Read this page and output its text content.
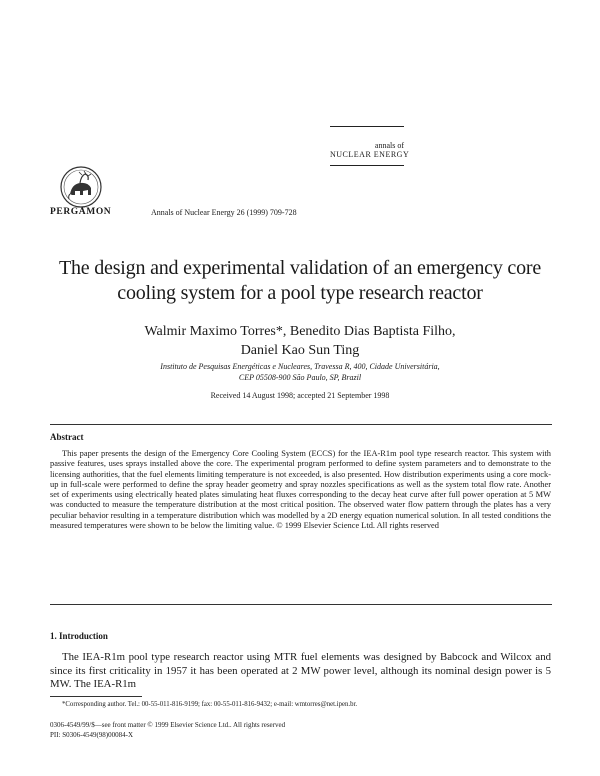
annals of
NUCLEAR ENERGY
PERGAMON	Annals of Nuclear Energy 26 (1999) 709-728
The design and experimental validation of an emergency core cooling system for a pool type research reactor
Walmir Maximo Torres*, Benedito Dias Baptista Filho,
Daniel Kao Sun Ting
Instituto de Pesquisas Energéticas e Nucleares, Travessa R, 400, Cidade Universitária,
CEP 05508-900 São Paulo, SP, Brazil
Received 14 August 1998; accepted 21 September 1998
Abstract
This paper presents the design of the Emergency Core Cooling System (ECCS) for the IEA-R1m pool type research reactor. This system with passive features, uses sprays installed above the core. The experimental program performed to define system parameters and to demonstrate to the licensing authorities, that the fuel elements limiting temperature is not exceeded, is also presented. How distribution experiments using a core mock-up in full-scale were performed to define the spray header geometry and spray nozzles specifications as well as the system total flow rate. Another set of experiments using electrically heated plates simulating heat fluxes corresponding to the decay heat curve after full power operation at 5 MW was conducted to measure the temperature distribution at the most critical position. The observed water flow pattern through the plates has a very peculiar behavior resulting in a temperature distribution which was modelled by a 2D energy equation numerical solution. In all tested conditions the measured temperatures were shown to be below the limiting value. © 1999 Elsevier Science Ltd. All rights reserved
1. Introduction
The IEA-R1m pool type research reactor using MTR fuel elements was designed by Babcock and Wilcox and since its first criticality in 1957 it has been operated at 2 MW power level, although its nominal design power is 5 MW. The IEA-R1m
*Corresponding author. Tel.: 00-55-011-816-9199; fax: 00-55-011-816-9432; e-mail: wmtorres@net.ipen.br.
0306-4549/99/$—see front matter © 1999 Elsevier Science Ltd.. All rights reserved
PII: S0306-4549(98)00084-X
